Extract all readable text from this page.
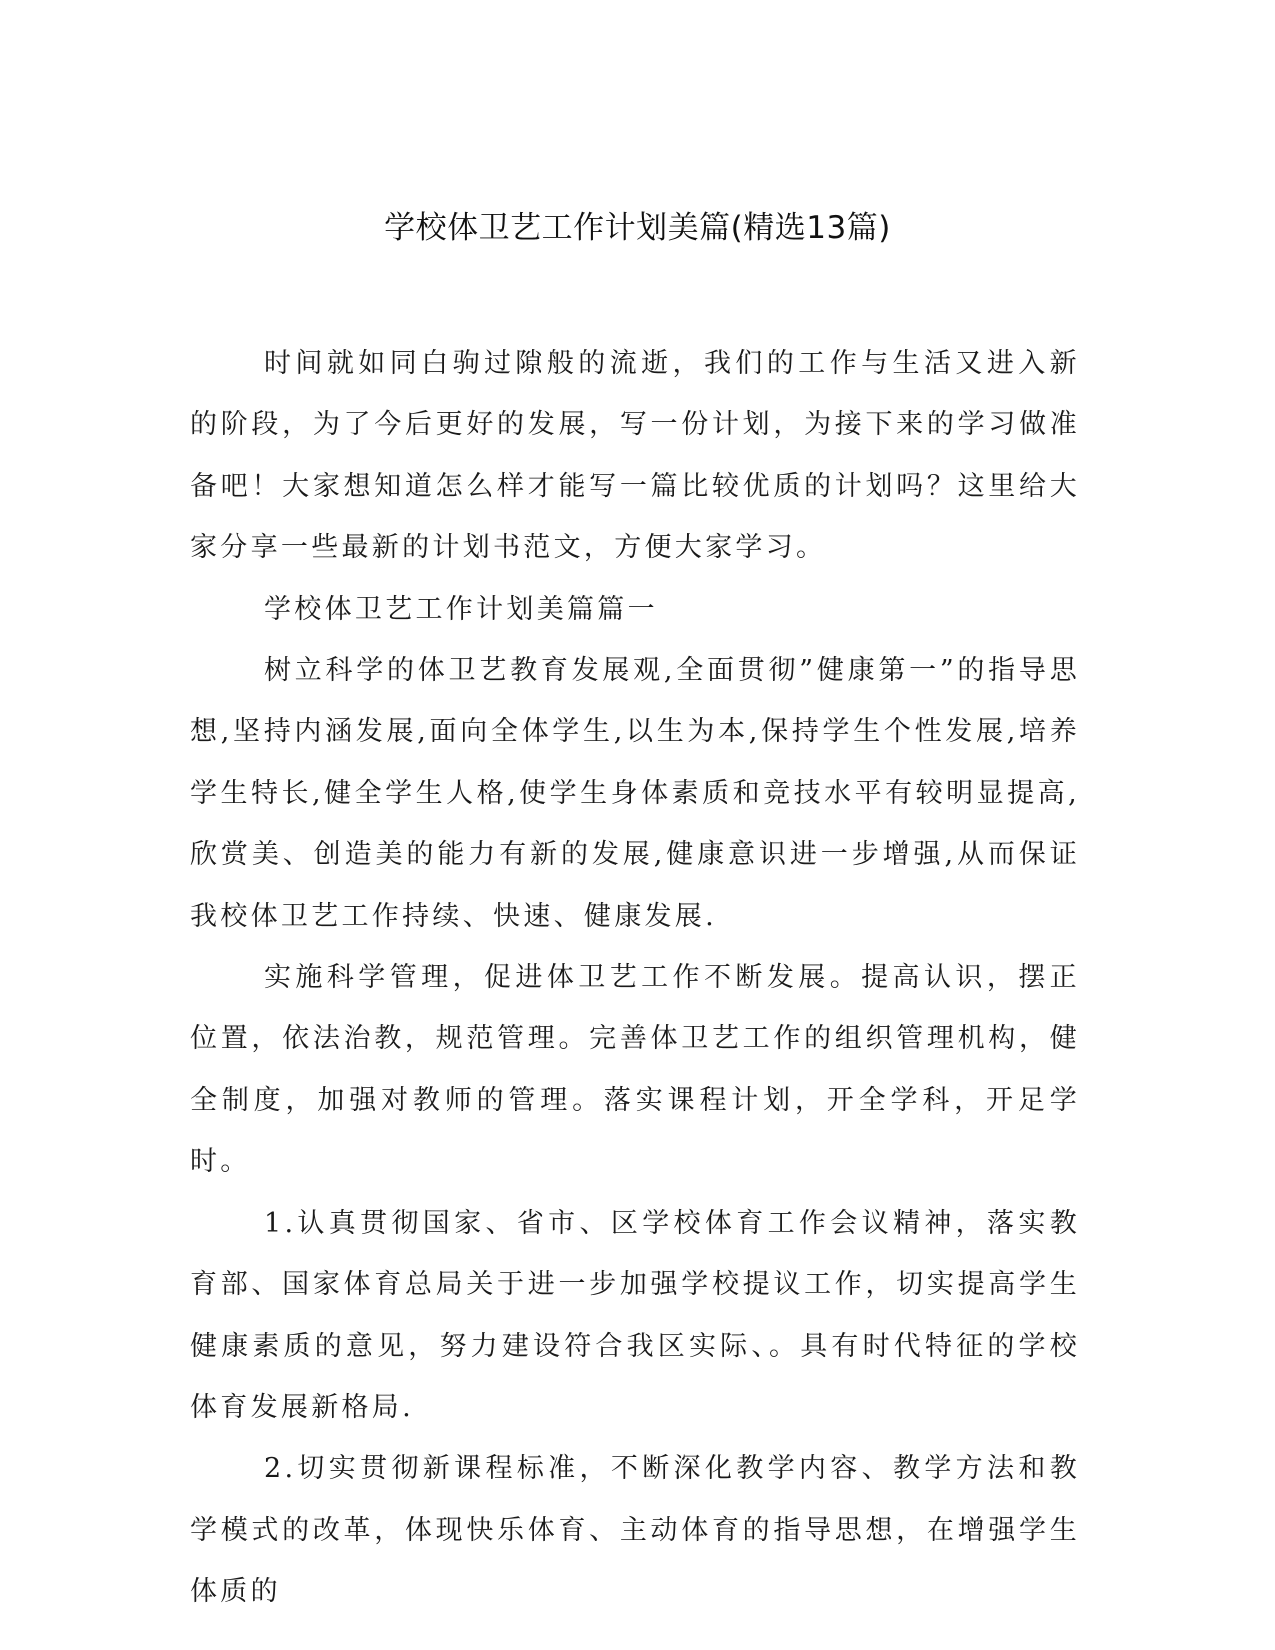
学校体卫艺工作计划美篇(精选13篇)

时间就如同白驹过隙般的流逝，我们的工作与生活又进入新的阶段，为了今后更好的发展，写一份计划，为接下来的学习做准备吧！大家想知道怎么样才能写一篇比较优质的计划吗？这里给大家分享一些最新的计划书范文，方便大家学习。

学校体卫艺工作计划美篇篇一

树立科学的体卫艺教育发展观,全面贯彻”健康第一”的指导思想,坚持内涵发展,面向全体学生,以生为本,保持学生个性发展,培养学生特长,健全学生人格,使学生身体素质和竞技水平有较明显提高,欣赏美、创造美的能力有新的发展,健康意识进一步增强,从而保证我校体卫艺工作持续、快速、健康发展.

实施科学管理，促进体卫艺工作不断发展。提高认识，摆正位置，依法治教，规范管理。完善体卫艺工作的组织管理机构，健全制度，加强对教师的管理。落实课程计划，开全学科，开足学时。

1.认真贯彻国家、省市、区学校体育工作会议精神，落实教育部、国家体育总局关于进一步加强学校提议工作，切实提高学生健康素质的意见，努力建设符合我区实际、。具有时代特征的学校体育发展新格局.

2.切实贯彻新课程标准，不断深化教学内容、教学方法和教学模式的改革，体现快乐体育、主动体育的指导思想，在增强学生体质的
